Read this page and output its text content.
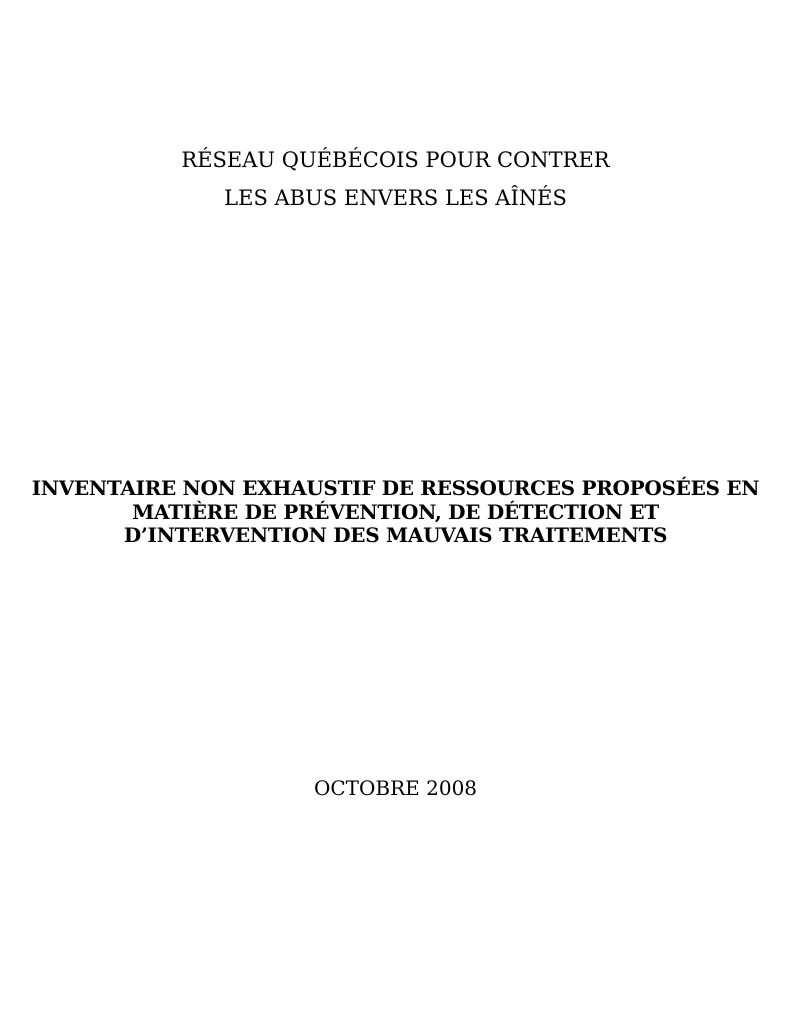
RÉSEAU QUÉBÉCOIS POUR CONTRER
LES ABUS ENVERS LES AÎNÉS
INVENTAIRE NON EXHAUSTIF DE RESSOURCES PROPOSÉES EN
MATIÈRE DE PRÉVENTION, DE DÉTECTION ET
D’INTERVENTION DES MAUVAIS TRAITEMENTS
OCTOBRE 2008
